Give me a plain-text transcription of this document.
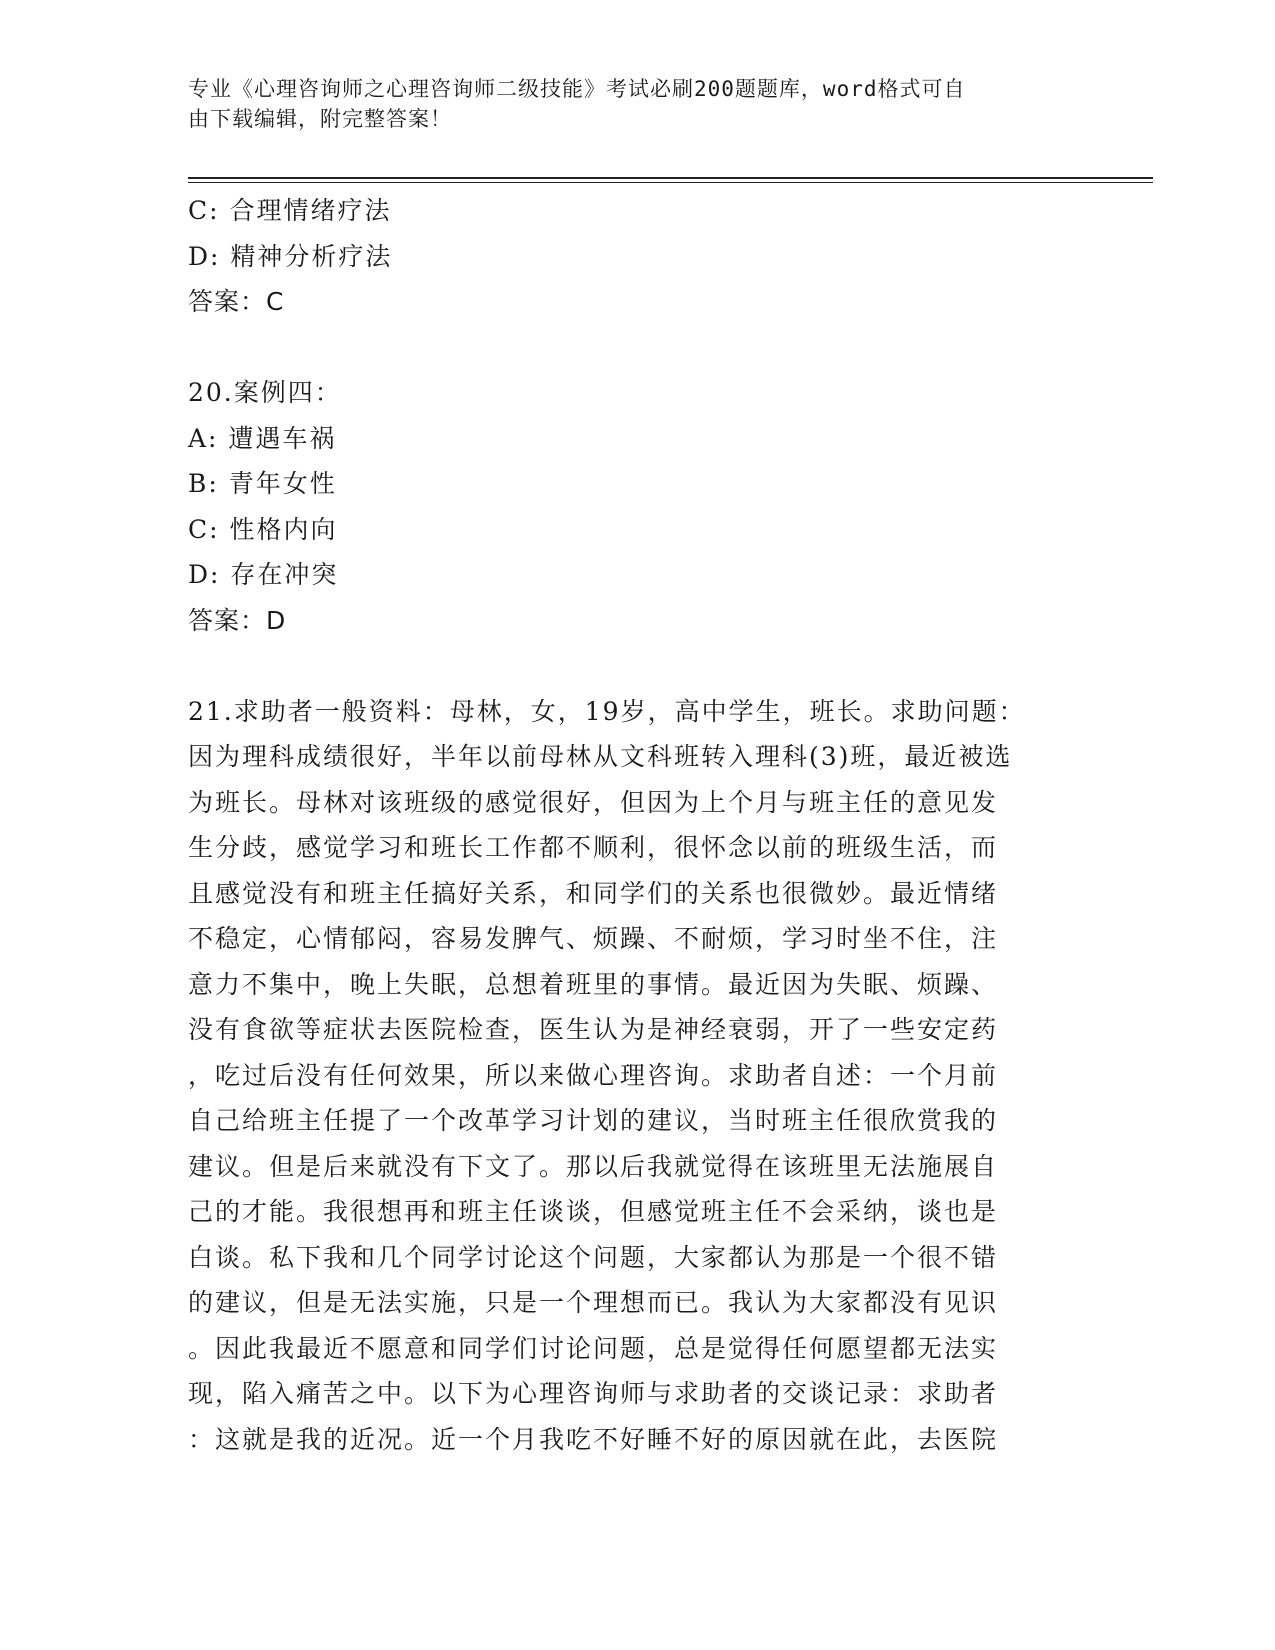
专业《心理咨询师之心理咨询师二级技能》考试必刷200题题库，word格式可自
由下载编辑，附完整答案！
C: 合理情绪疗法
D: 精神分析疗法
答案：C
20.案例四：
A: 遭遇车祸
B: 青年女性
C: 性格内向
D: 存在冲突
答案：D
21.求助者一般资料：母林，女，19岁，高中学生，班长。求助问题：
因为理科成绩很好，半年以前母林从文科班转入理科(3)班，最近被选
为班长。母林对该班级的感觉很好，但因为上个月与班主任的意见发
生分歧，感觉学习和班长工作都不顺利，很怀念以前的班级生活，而
且感觉没有和班主任搞好关系，和同学们的关系也很微妙。最近情绪
不稳定，心情郁闷，容易发脾气、烦躁、不耐烦，学习时坐不住，注
意力不集中，晚上失眠，总想着班里的事情。最近因为失眠、烦躁、
没有食欲等症状去医院检查，医生认为是神经衰弱，开了一些安定药
，吃过后没有任何效果，所以来做心理咨询。求助者自述：一个月前
自己给班主任提了一个改革学习计划的建议，当时班主任很欣赏我的
建议。但是后来就没有下文了。那以后我就觉得在该班里无法施展自
己的才能。我很想再和班主任谈谈，但感觉班主任不会采纳，谈也是
白谈。私下我和几个同学讨论这个问题，大家都认为那是一个很不错
的建议，但是无法实施，只是一个理想而已。我认为大家都没有见识
。因此我最近不愿意和同学们讨论问题，总是觉得任何愿望都无法实
现，陷入痛苦之中。以下为心理咨询师与求助者的交谈记录：求助者
：这就是我的近况。近一个月我吃不好睡不好的原因就在此，去医院
